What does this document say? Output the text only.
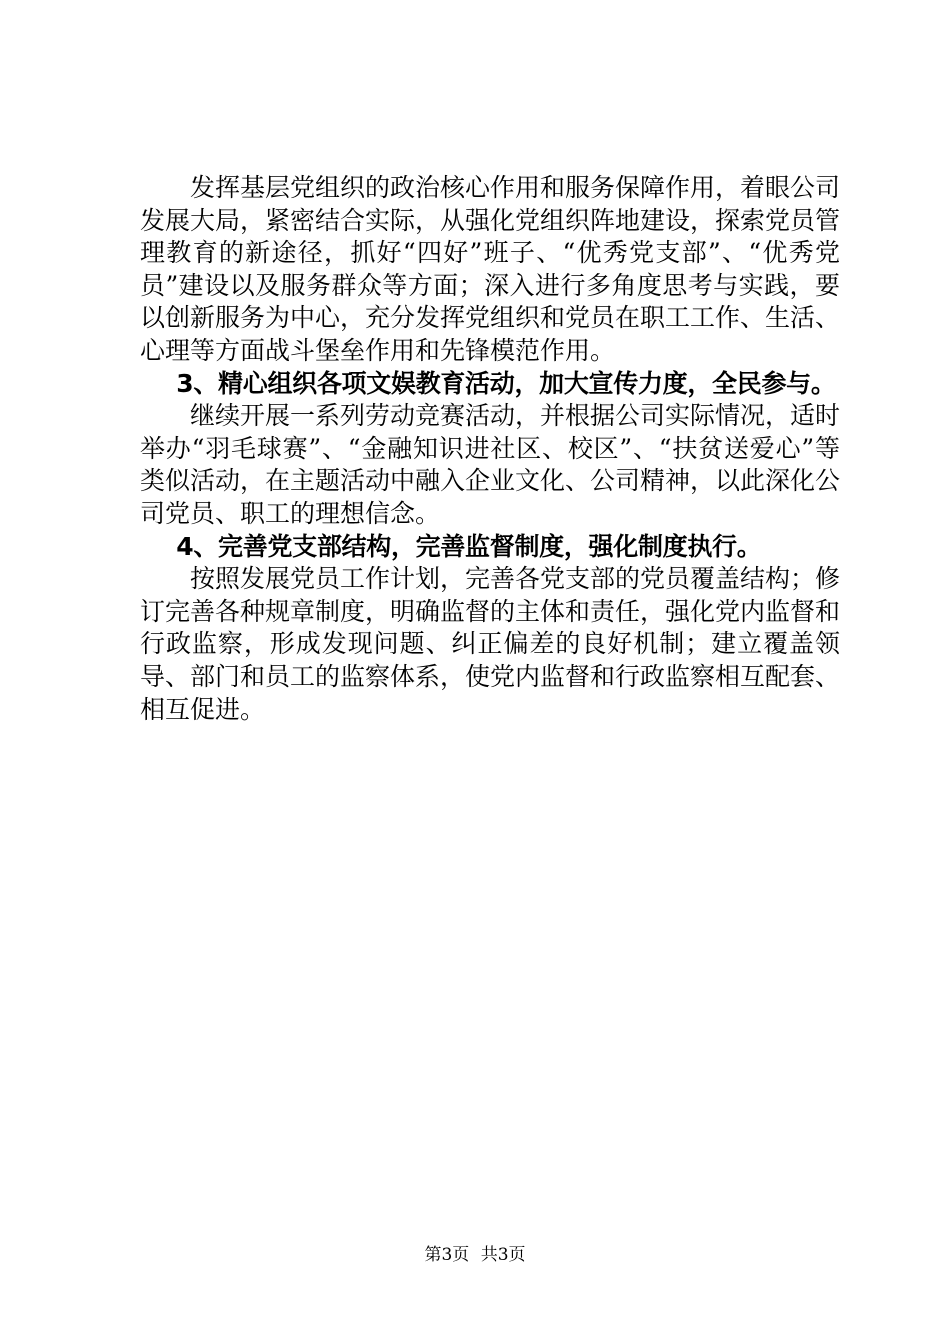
发挥基层党组织的政治核心作用和服务保障作用，着眼公司发展大局，紧密结合实际，从强化党组织阵地建设，探索党员管理教育的新途径，抓好“四好”班子、“优秀党支部”、“优秀党员”建设以及服务群众等方面；深入进行多角度思考与实践，要以创新服务为中心，充分发挥党组织和党员在职工工作、生活、心理等方面战斗堡垒作用和先锋模范作用。

3、精心组织各项文娱教育活动，加大宣传力度，全民参与。

继续开展一系列劳动竞赛活动，并根据公司实际情况，适时举办“羽毛球赛”、“金融知识进社区、校区”、“扶贫送爱心”等类似活动，在主题活动中融入企业文化、公司精神，以此深化公司党员、职工的理想信念。

4、完善党支部结构，完善监督制度，强化制度执行。

按照发展党员工作计划，完善各党支部的党员覆盖结构；修订完善各种规章制度，明确监督的主体和责任，强化党内监督和行政监察，形成发现问题、纠正偏差的良好机制；建立覆盖领导、部门和员工的监察体系，使党内监督和行政监察相互配套、相互促进。

第3页 共3页
